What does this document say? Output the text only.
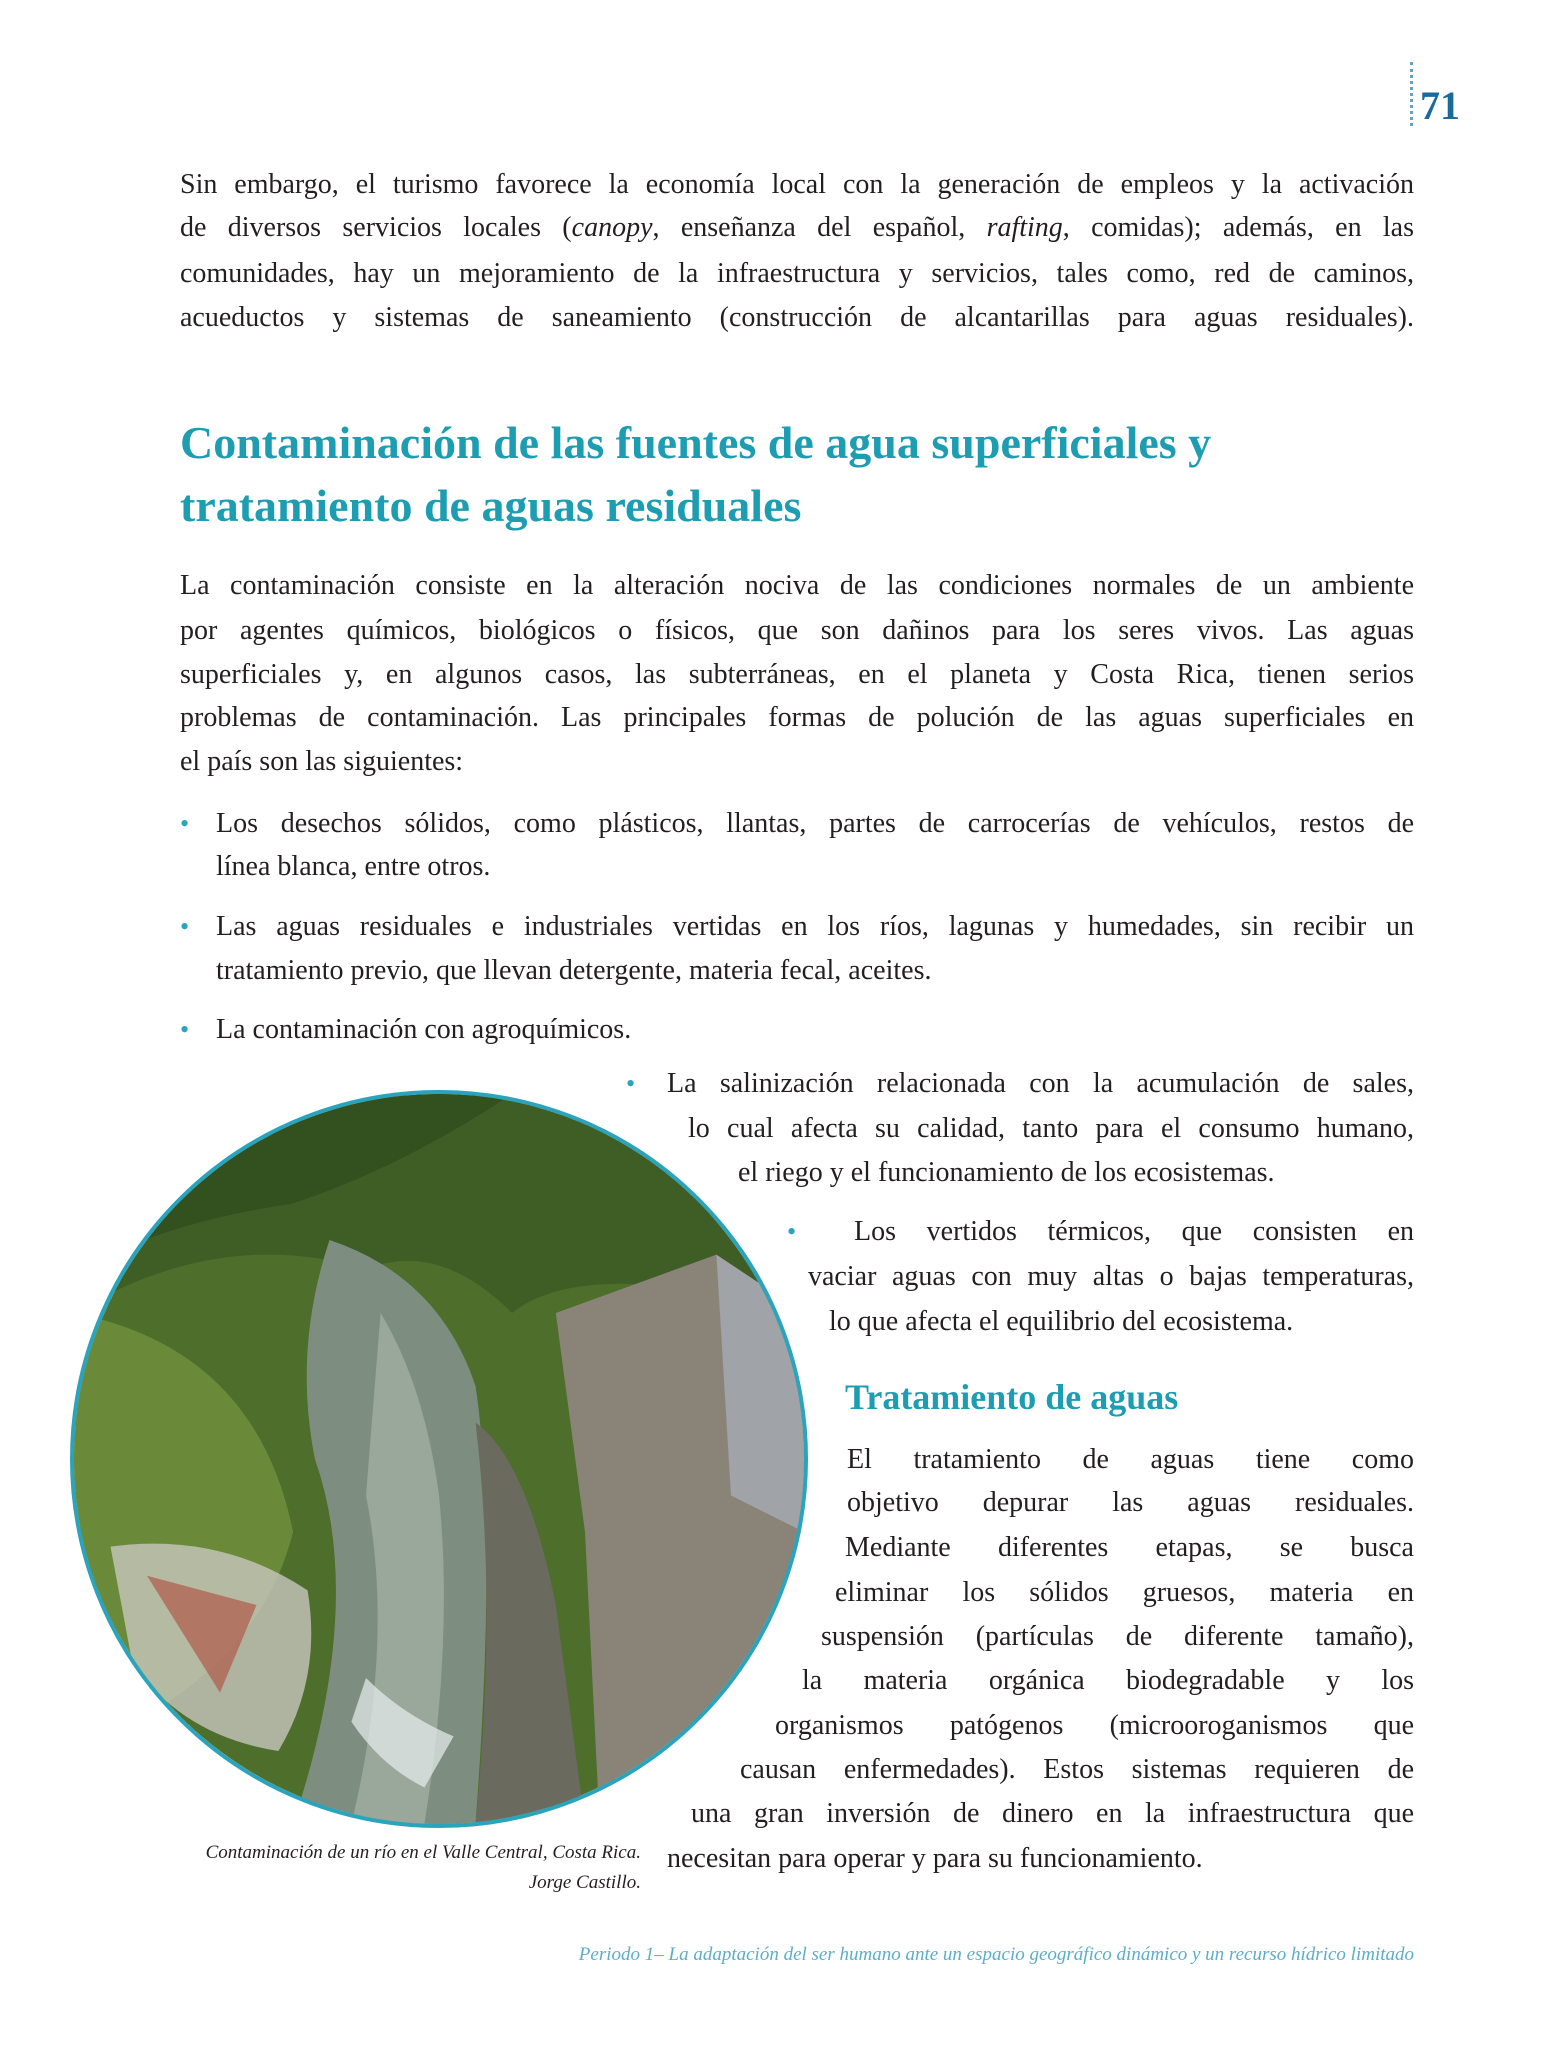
71
Sin embargo, el turismo favorece la economía local con la generación de empleos y la activación
de diversos servicios locales (canopy, enseñanza del español, rafting, comidas); además, en las
comunidades, hay un mejoramiento de la infraestructura y servicios, tales como, red de caminos,
acueductos y sistemas de saneamiento (construcción de alcantarillas para aguas residuales).
Contaminación de las fuentes de agua superficiales y
tratamiento de aguas residuales
La contaminación consiste en la alteración nociva de las condiciones normales de un ambiente
por agentes químicos, biológicos o físicos, que son dañinos para los seres vivos. Las aguas
superficiales y, en algunos casos, las subterráneas, en el planeta y Costa Rica, tienen serios
problemas de contaminación. Las principales formas de polución de las aguas superficiales en
el país son las siguientes:
• Los desechos sólidos, como plásticos, llantas, partes de carrocerías de vehículos, restos de
línea blanca, entre otros.
• Las aguas residuales e industriales vertidas en los ríos, lagunas y humedades, sin recibir un
tratamiento previo, que llevan detergente, materia fecal, aceites.
• La contaminación con agroquímicos.
• La salinización relacionada con la acumulación de sales,
lo cual afecta su calidad, tanto para el consumo humano,
el riego y el funcionamiento de los ecosistemas.
• Los vertidos térmicos, que consisten en
vaciar aguas con muy altas o bajas temperaturas,
lo que afecta el equilibrio del ecosistema.
Tratamiento de aguas
El tratamiento de aguas tiene como
objetivo depurar las aguas residuales.
Mediante diferentes etapas, se busca
eliminar los sólidos gruesos, materia en
suspensión (partículas de diferente tamaño),
la materia orgánica biodegradable y los
organismos patógenos (microoroganismos que
causan enfermedades). Estos sistemas requieren de
una gran inversión de dinero en la infraestructura que
necesitan para operar y para su funcionamiento.
Contaminación de un río en el Valle Central, Costa Rica.
Jorge Castillo.
Periodo 1– La adaptación del ser humano ante un espacio geográfico dinámico y un recurso hídrico limitado
